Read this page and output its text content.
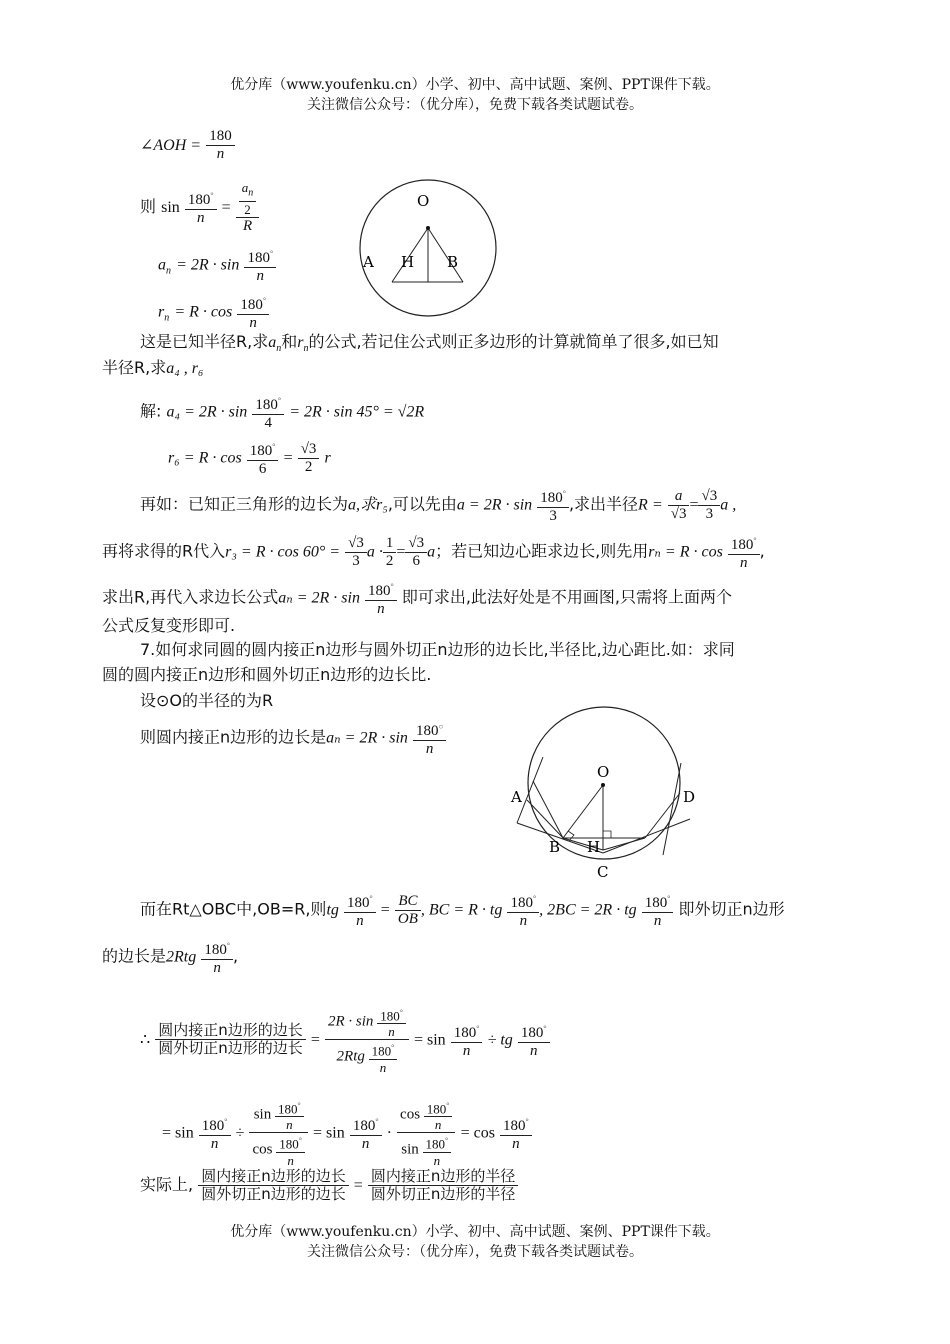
优分库（www.youfenku.cn）小学、初中、高中试题、案例、PPT课件下载。
关注微信公众号：（优分库），免费下载各类试题试卷。
∠AOH = $\frac{180}{n}$
则 $\sin \frac{180^\circ}{n} = \frac{\frac{a_n}{2}}{R}$
$a_n = 2R \cdot \sin \frac{180^\circ}{n}$
$r_n = R \cdot \cos \frac{180^\circ}{n}$
O
A H B
这是已知半径R,求$a_n$和$r_n$的公式,若记住公式则正多边形的计算就简单了很多,如已知
半径R,求a₄ , r₆
解: $a_4 = 2R \cdot \sin \frac{180^\circ}{4} = 2R \cdot \sin 45^\circ = √2R$
$r_6 = R \cdot \cos \frac{180^\circ}{6} = \frac{√3}{2}$ r
再如：已知正三角形的边长为a,求r₅,可以先由$a = 2R \cdot \sin \frac{180^\circ}{3}$ ,求出半径$R = \frac{a}{√3} = \frac{√3}{3}$ a ,
再将求得的R代入$r_3 = R \cdot \cos 60^\circ = \frac{√3}{3}$ $a \cdot \frac{1}{2} = \frac{√3}{6}$ a；若已知边心距求边长,则先用$r_n = R \cdot \cos \frac{180^\circ}{n}$ ,
求出R,再代入求边长公式$a_n = 2R \cdot \sin \frac{180^\circ}{n}$ 即可求出,此法好处是不用画图,只需将上面两个
公式反复变形即可.
7.如何求同圆的圆内接正n边形与圆外切正n边形的边长比,半径比,边心距比.如：求同
圆的圆内接正n边形和圆外切正n边形的边长比.
设⊙O的半径的为R
则圆内接正n边形的边长是$a_n = 2R \cdot \sin \frac{180^○}{n}$
O
A
B H
C
D
而在Rt△OBC中,OB=R,则tg $\frac{180^\circ}{n} = \frac{BC}{OB}$ , BC = R · tg $\frac{180^\circ}{n}$ , 2BC = 2R · tg $\frac{180^\circ}{n}$ 即外切正n边形
的边长是$2Rtg \frac{180^\circ}{n}$ ,
∴
圆内接正n边形的边长
圆外切正n边形的边长 =
$2R \cdot \sin \frac{180^\circ}{n}$
$2Rtg \frac{180^\circ}{n}$
= $\sin \frac{180^\circ}{n}$ ÷ tg $\frac{180^\circ}{n}$
= $\sin \frac{180^\circ}{n} \div \frac{\sin \frac{180^\circ}{n}}{\cos \frac{180^\circ}{n}} = \sin \frac{180^\circ}{n} \cdot \frac{\cos \frac{180^\circ}{n}}{\sin \frac{180^\circ}{n}} = \cos \frac{180^\circ}{n}$
实际上, 圆内接正n边形的边长
圆外切正n边形的边长 =
圆内接正n边形的半径
圆外切正n边形的半径
优分库（www.youfenku.cn）小学、初中、高中试题、案例、PPT课件下载。
关注微信公众号：（优分库），免费下载各类试题试卷。
